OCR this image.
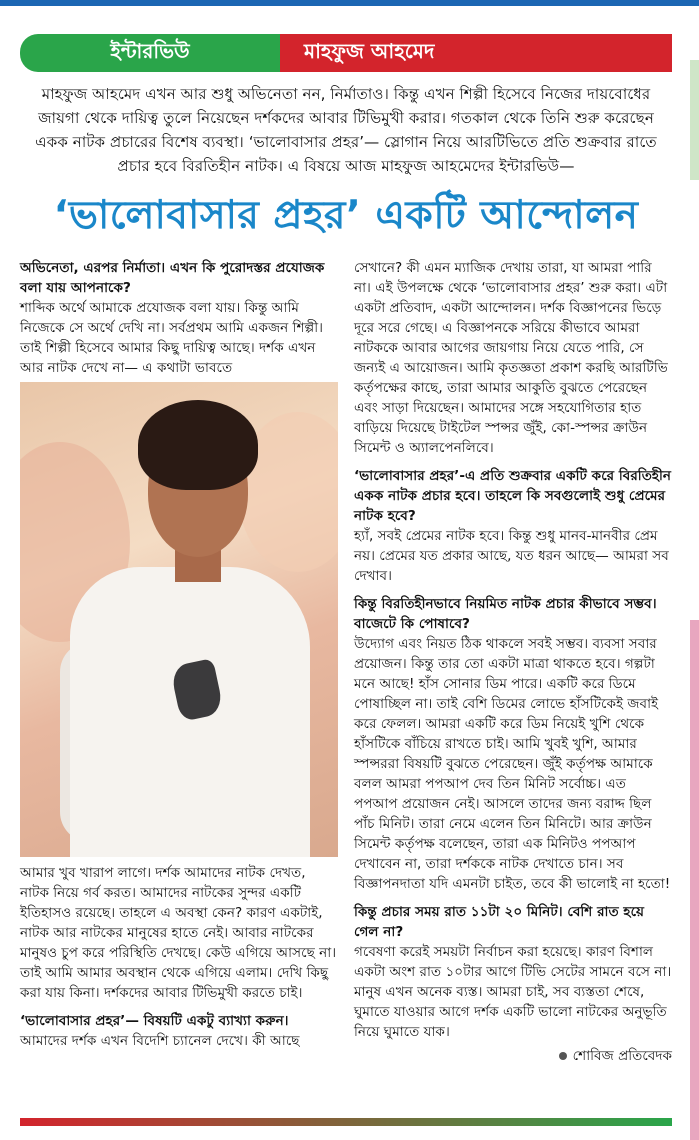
ইন্টারভিউ	মাহফুজ আহমেদ

মাহফুজ আহমেদ এখন আর শুধু অভিনেতা নন, নির্মাতাও। কিন্তু এখন শিল্পী হিসেবে নিজের দায়বোধের জায়গা থেকে দায়িত্ব তুলে নিয়েছেন দর্শকদের আবার টিভিমুখী করার। গতকাল থেকে তিনি শুরু করেছেন একক নাটক প্রচারের বিশেষ ব্যবস্থা। ‘ভালোবাসার প্রহর’— স্লোগান নিয়ে আরটিভিতে প্রতি শুক্রবার রাতে প্রচার হবে বিরতিহীন নাটক। এ বিষয়ে আজ মাহফুজ আহমেদের ইন্টারভিউ—

‘ভালোবাসার প্রহর’ একটি আন্দোলন

অভিনেতা, এরপর নির্মাতা। এখন কি পুরোদস্তর প্রযোজক বলা যায় আপনাকে?

শাব্দিক অর্থে আমাকে প্রযোজক বলা যায়। কিন্তু আমি নিজেকে সে অর্থে দেখি না। সর্বপ্রথম আমি একজন শিল্পী। তাই শিল্পী হিসেবে আমার কিছু দায়িত্ব আছে। দর্শক এখন আর নাটক দেখে না— এ কথাটা ভাবতে

আমার খুব খারাপ লাগে। দর্শক আমাদের নাটক দেখত, নাটক নিয়ে গর্ব করত। আমাদের নাটকের সুন্দর একটি ইতিহাসও রয়েছে। তাহলে এ অবস্থা কেন? কারণ একটাই, নাটক আর নাটকের মানুষের হাতে নেই। আবার নাটকের মানুষও চুপ করে পরিস্থিতি দেখছে। কেউ এগিয়ে আসছে না। তাই আমি আমার অবস্থান থেকে এগিয়ে এলাম। দেখি কিছু করা যায় কিনা। দর্শকদের আবার টিভিমুখী করতে চাই।

‘ভালোবাসার প্রহর’— বিষয়টি একটু ব্যাখ্যা করুন।

আমাদের দর্শক এখন বিদেশি চ্যানেল দেখে। কী আছে

সেখানে? কী এমন ম্যাজিক দেখায় তারা, যা আমরা পারি না। এই উপলক্ষে থেকে ‘ভালোবাসার প্রহর’ শুরু করা। এটা একটা প্রতিবাদ, একটা আন্দোলন। দর্শক বিজ্ঞাপনের ভিড়ে দূরে সরে গেছে। এ বিজ্ঞাপনকে সরিয়ে কীভাবে আমরা নাটককে আবার আগের জায়গায় নিয়ে যেতে পারি, সে জন্যই এ আয়োজন। আমি কৃতজ্ঞতা প্রকাশ করছি আরটিভি কর্তৃপক্ষের কাছে, তারা আমার আকুতি বুঝতে পেরেছেন এবং সাড়া দিয়েছেন। আমাদের সঙ্গে সহযোগিতার হাত বাড়িয়ে দিয়েছে টাইটেল স্পন্সর জুঁই, কো-স্পন্সর ক্রাউন সিমেন্ট ও অ্যালপেনলিবে।

‘ভালোবাসার প্রহর’-এ প্রতি শুক্রবার একটি করে বিরতিহীন একক নাটক প্রচার হবে। তাহলে কি সবগুলোই শুধু প্রেমের নাটক হবে?

হ্যাঁ, সবই প্রেমের নাটক হবে। কিন্তু শুধু মানব-মানবীর প্রেম নয়। প্রেমের যত প্রকার আছে, যত ধরন আছে— আমরা সব দেখাব।

কিন্তু বিরতিহীনভাবে নিয়মিত নাটক প্রচার কীভাবে সম্ভব। বাজেটে কি পোষাবে?

উদ্যোগ এবং নিয়ত ঠিক থাকলে সবই সম্ভব। ব্যবসা সবার প্রয়োজন। কিন্তু তার তো একটা মাত্রা থাকতে হবে। গল্পটা মনে আছে! হাঁস সোনার ডিম পারে। একটি করে ডিমে পোষাচ্ছিল না। তাই বেশি ডিমের লোভে হাঁসটিকেই জবাই করে ফেলল। আমরা একটি করে ডিম নিয়েই খুশি থেকে হাঁসটিকে বাঁচিয়ে রাখতে চাই। আমি খুবই খুশি, আমার স্পন্সররা বিষয়টি বুঝতে পেরেছেন। জুঁই কর্তৃপক্ষ আমাকে বলল আমরা পপআপ দেব তিন মিনিট সর্বোচ্চ। এত পপআপ প্রয়োজন নেই। আসলে তাদের জন্য বরাদ্দ ছিল পাঁচ মিনিট। তারা নেমে এলেন তিন মিনিটে। আর ক্রাউন সিমেন্ট কর্তৃপক্ষ বলেছেন, তারা এক মিনিটও পপআপ দেখাবেন না, তারা দর্শককে নাটক দেখাতে চান। সব বিজ্ঞাপনদাতা যদি এমনটা চাইত, তবে কী ভালোই না হতো!

কিন্তু প্রচার সময় রাত ১১টা ২০ মিনিট। বেশি রাত হয়ে গেল না?

গবেষণা করেই সময়টা নির্বাচন করা হয়েছে। কারণ বিশাল একটা অংশ রাত ১০টার আগে টিভি সেটের সামনে বসে না। মানুষ এখন অনেক ব্যস্ত। আমরা চাই, সব ব্যস্ততা শেষে, ঘুমাতে যাওয়ার আগে দর্শক একটি ভালো নাটকের অনুভূতি নিয়ে ঘুমাতে যাক।

শোবিজ প্রতিবেদক
